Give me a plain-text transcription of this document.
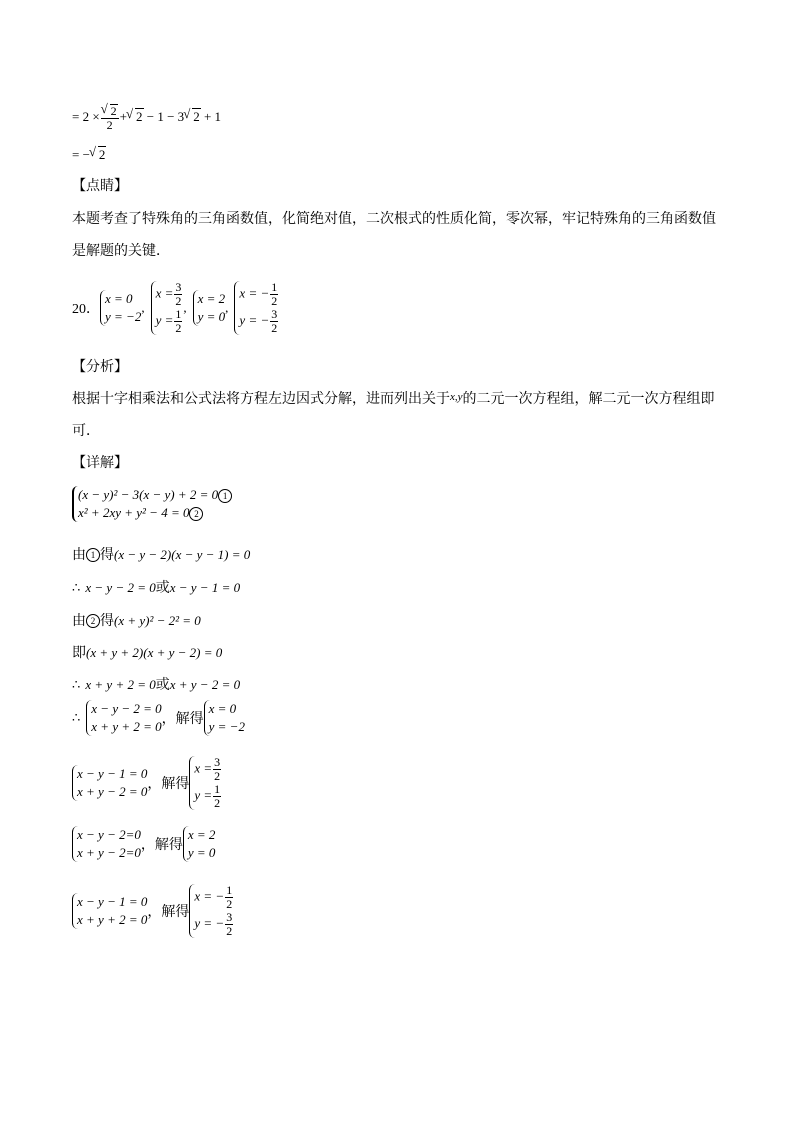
= 2 × √ $\frac{2}{2}$ + √ 2 − 1 − 3 √ 2 + 1
= − √ 2
【点睛】
本题考查了特殊角的三角函数值，化简绝对值，二次根式的性质化简，零次幂，牢记特殊角的三角函数值
是解题的关键．
20．
x = 0
y = −2
,
$x = \frac{3}{2}$
$y = \frac{1}{2}$
,
x = 2
y = 0
,
x = − $\frac{1}{2}$
y = − $\frac{3}{2}$
【分析】
根据十字相乘法和公式法将方程左边因式分解，进而列出关于$^{x,y}$的二元一次方程组，解二元一次方程组即
可．
【详解】
(x − y)² − 3(x − y) + 2 = 0 1
x² + 2xy + y² − 4 = 0 2
由 1 得(x − y − 2)(x − y − 1) = 0
∴ x − y − 2 = 0或x − y − 1 = 0
由 2 得(x + y)² − 2² = 0
即(x + y + 2)(x + y − 2) = 0
∴ x + y + 2 = 0或x + y − 2 = 0
∴
x − y − 2 = 0
x + y + 2 = 0 ，解得
x = 0
y = −2
x − y − 1 = 0
x + y − 2 = 0 ，解得
$x = \frac{3}{2}$
$y = \frac{1}{2}$
x − y − 2=0
x + y − 2=0 ，解得
x = 2
y = 0
x − y − 1 = 0
x + y + 2 = 0 ，解得
x = − $\frac{1}{2}$
y = − $\frac{3}{2}$
